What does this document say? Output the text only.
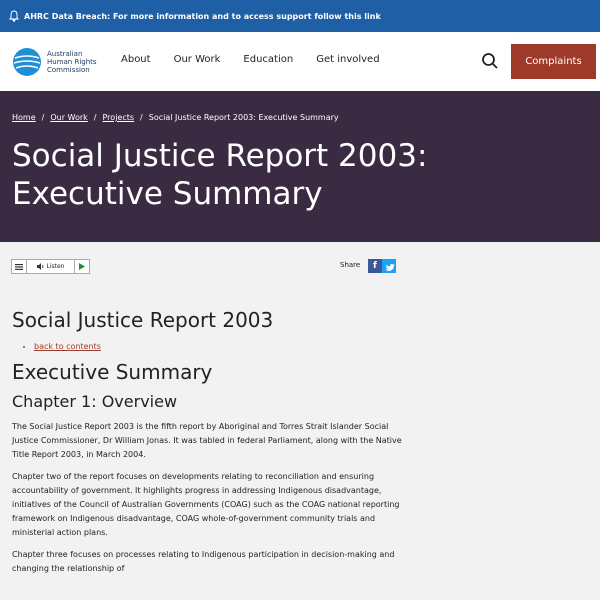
AHRC Data Breach: For more information and to access support follow this link
Australian Human Rights Commission
About Our Work Education Get involved	Complaints
Home / Our Work / Projects / Social Justice Report 2003: Executive Summary
Social Justice Report 2003: Executive Summary
Listen	Share f
Social Justice Report 2003
back to contents
Executive Summary
Chapter 1: Overview

The Social Justice Report 2003 is the fifth report by Aboriginal and Torres Strait Islander Social Justice Commissioner, Dr William Jonas. It was tabled in federal Parliament, along with the Native Title Report 2003, in March 2004.

Chapter two of the report focuses on developments relating to reconciliation and ensuring accountability of government. It highlights progress in addressing Indigenous disadvantage, initiatives of the Council of Australian Governments (COAG) such as the COAG national reporting framework on Indigenous disadvantage, COAG whole-of-government community trials and ministerial action plans.

Chapter three focuses on processes relating to Indigenous participation in decision-making and changing the relationship of
